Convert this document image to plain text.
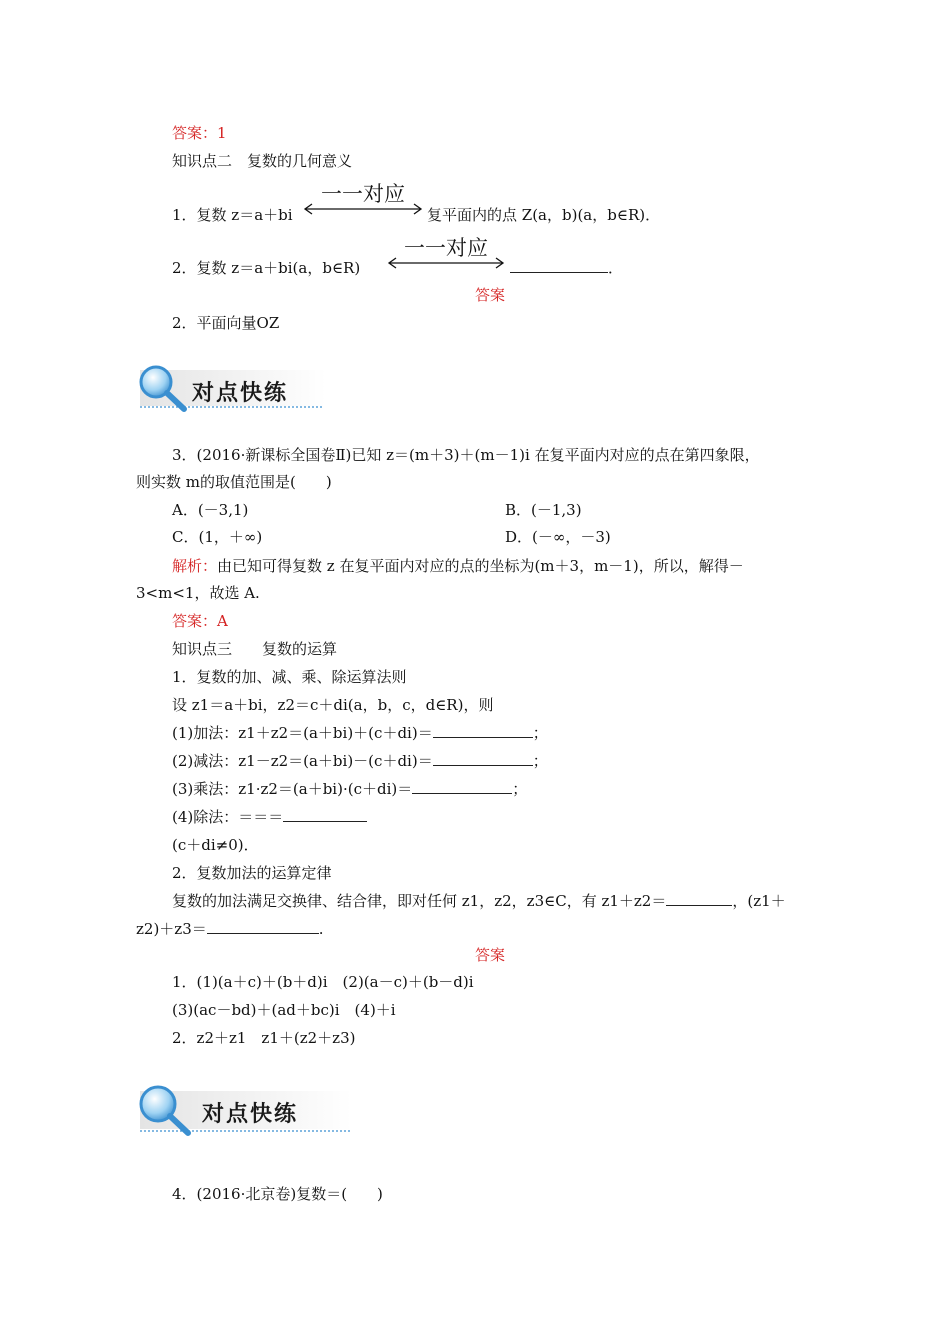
答案：1
知识点二　复数的几何意义
1．复数 z＝a＋bi
一一对应
复平面内的点 Z(a，b)(a，b∈R)．
2．复数 z＝a＋bi(a，b∈R)
一一对应
．
答案
2．平面向量OZ
对点快练
3．(2016·新课标全国卷Ⅱ)已知 z＝(m＋3)＋(m－1)i 在复平面内对应的点在第四象限，
则实数 m的取值范围是(　　)
A．(－3,1)	B．(－1,3)
C．(1，＋∞)	D．(－∞，－3)
解析：由已知可得复数 z 在复平面内对应的点的坐标为(m＋3，m－1)，所以，解得－
3<m<1，故选 A.
答案：A
知识点三　　复数的运算
1．复数的加、减、乘、除运算法则
设 z1＝a＋bi，z2＝c＋di(a，b，c，d∈R)，则
(1)加法：z1＋z2＝(a＋bi)＋(c＋di)＝	；
(2)减法：z1－z2＝(a＋bi)－(c＋di)＝	；
(3)乘法：z1·z2＝(a＋bi)·(c＋di)＝	；
(4)除法：＝＝＝
(c＋di≠0)．
2．复数加法的运算定律
复数的加法满足交换律、结合律，即对任何 z1，z2，z3∈C，有 z1＋z2＝	，(z1＋
z2)＋z3＝	.
答案
1．(1)(a＋c)＋(b＋d)i　(2)(a－c)＋(b－d)i
(3)(ac－bd)＋(ad＋bc)i　(4)＋i
2．z2＋z1　z1＋(z2＋z3)
对点快练
4．(2016·北京卷)复数＝(　　)
